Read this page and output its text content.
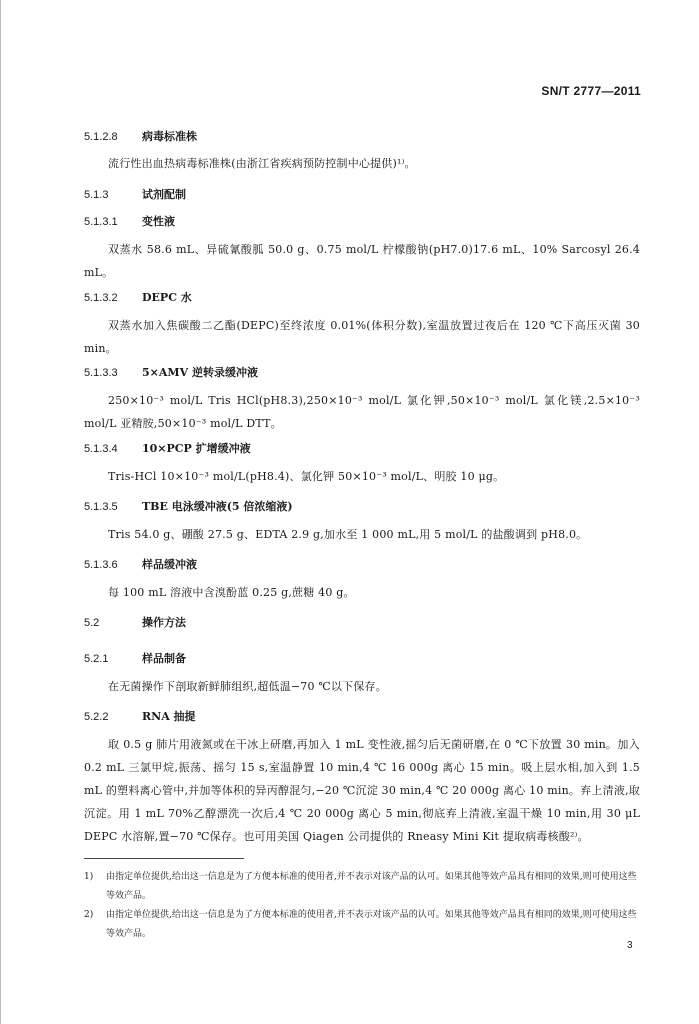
SN/T 2777—2011
5.1.2.8 病毒标准株
流行性出血热病毒标准株(由浙江省疾病预防控制中心提供)¹⁾。
5.1.3	试剂配制
5.1.3.1 变性液
双蒸水 58.6 mL、异硫氰酸胍 50.0 g、0.75 mol/L 柠檬酸钠(pH7.0)17.6 mL、10% Sarcosyl 26.4 mL。
5.1.3.2 DEPC 水
双蒸水加入焦碳酸二乙酯(DEPC)至终浓度 0.01%(体积分数),室温放置过夜后在 120 ℃下高压灭菌 30 min。
5.1.3.3 5×AMV 逆转录缓冲液
250×10⁻³ mol/L Tris HCl(pH8.3),250×10⁻³ mol/L 氯化钾,50×10⁻³ mol/L 氯化镁,2.5×10⁻³ mol/L 亚精胺,50×10⁻³ mol/L DTT。
5.1.3.4 10×PCP 扩增缓冲液
Tris-HCl 10×10⁻³ mol/L(pH8.4)、氯化钾 50×10⁻³ mol/L、明胶 10 μg。
5.1.3.5 TBE 电泳缓冲液(5 倍浓缩液)
Tris 54.0 g、硼酸 27.5 g、EDTA 2.9 g,加水至 1 000 mL,用 5 mol/L 的盐酸调到 pH8.0。
5.1.3.6 样品缓冲液
每 100 mL 溶液中含溴酚蓝 0.25 g,蔗糖 40 g。
5.2	操作方法
5.2.1	样品制备
在无菌操作下剖取新鲜肺组织,超低温−70 ℃以下保存。
5.2.2	RNA 抽提
取 0.5 g 肺片用液氮或在干冰上研磨,再加入 1 mL 变性液,摇匀后无菌研磨,在 0 ℃下放置 30 min。加入 0.2 mL 三氯甲烷,振荡、摇匀 15 s,室温静置 10 min,4 ℃ 16 000g 离心 15 min。吸上层水相,加入到 1.5 mL 的塑料离心管中,并加等体积的异丙醇混匀,−20 ℃沉淀 30 min,4 ℃ 20 000g 离心 10 min。弃上清液,取沉淀。用 1 mL 70%乙醇漂洗一次后,4 ℃ 20 000g 离心 5 min,彻底弃上清液,室温干燥 10 min,用 30 μL DEPC 水溶解,置−70 ℃保存。也可用美国 Qiagen 公司提供的 Rneasy Mini Kit 提取病毒核酸²⁾。
1) 由指定单位提供,给出这一信息是为了方便本标准的使用者,并不表示对该产品的认可。如果其他等效产品具有相同的效果,则可使用这些等效产品。
2) 由指定单位提供,给出这一信息是为了方便本标准的使用者,并不表示对该产品的认可。如果其他等效产品具有相同的效果,则可使用这些等效产品。
3
